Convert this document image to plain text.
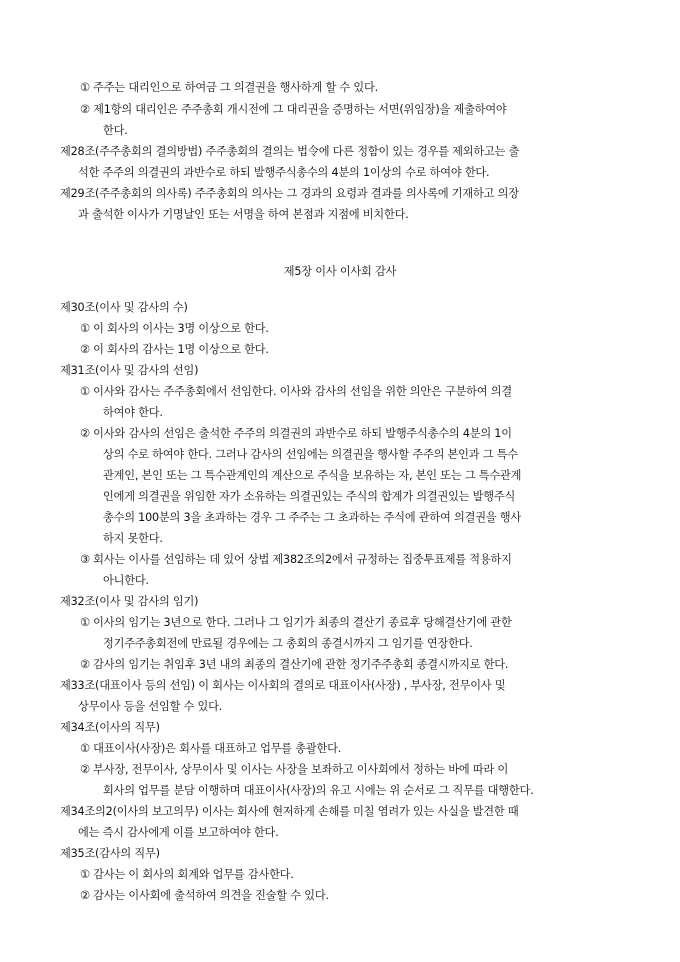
① 주주는 대리인으로 하여금 그 의결권을 행사하게 할 수 있다.
② 제1항의 대리인은 주주총회 개시전에 그 대리권을 증명하는 서면(위임장)을 제출하여야
한다.
제28조(주주총회의 결의방법) 주주총회의 결의는 법令에 다른 정함이 있는 경우를 제외하고는 출
석한 주주의 의결권의 과반수로 하되 발행주식총수의 4분의 1이상의 수로 하여야 한다.
제29조(주주총회의 의사록) 주주총회의 의사는 그 경과의 요령과 결과를 의사록에 기재하고 의장
과 출석한 이사가 기명날인 또는 서명을 하여 본점과 지점에 비치한다.
제5장 이사 이사회 감사
제30조(이사 및 감사의 수)
① 이 회사의 이사는 3명 이상으로 한다.
② 이 회사의 감사는 1명 이상으로 한다.
제31조(이사 및 감사의 선임)
① 이사와 감사는 주주총회에서 선임한다. 이사와 감사의 선임을 위한 의안은 구분하여 의결
하여야 한다.
② 이사와 감사의 선임은 출석한 주주의 의결권의 과반수로 하되 발행주식총수의 4분의 1이
상의 수로 하여야 한다. 그러나 감사의 선임에는 의결권을 행사할 주주의 본인과 그 특수
관계인, 본인 또는 그 특수관계인의 계산으로 주식을 보유하는 자, 본인 또는 그 특수관계
인에게 의결권을 위임한 자가 소유하는 의결권있는 주식의 합계가 의결권있는 발행주식
총수의 100분의 3을 초과하는 경우 그 주주는 그 초과하는 주식에 관하여 의결권을 행사
하지 못한다.
③ 회사는 이사를 선임하는 데 있어 상법 제382조의2에서 규정하는 집중투표제를 적용하지
아니한다.
제32조(이사 및 감사의 임기)
① 이사의 임기는 3년으로 한다. 그러나 그 임기가 최종의 결산기 종료후 당해결산기에 관한
정기주주총회전에 만료될 경우에는 그 총회의 종결시까지 그 임기를 연장한다.
② 감사의 임기는 취임후 3년 내의 최종의 결산기에 관한 정기주주총회 종결시까지로 한다.
제33조(대표이사 등의 선임) 이 회사는 이사회의 결의로 대표이사(사장) , 부사장, 전무이사 및
상무이사 등을 선임할 수 있다.
제34조(이사의 직무)
① 대표이사(사장)은 회사를 대표하고 업무를 총괄한다.
② 부사장, 전무이사, 상무이사 및 이사는 사장을 보좌하고 이사회에서 정하는 바에 따라 이
회사의 업무를 분담 이행하며 대표이사(사장)의 유고 시에는 위 순서로 그 직무를 대행한다.
제34조의2(이사의 보고의무) 이사는 회사에 현저하게 손해를 미칠 염려가 있는 사실을 발견한 때
에는 즉시 감사에게 이를 보고하여야 한다.
제35조(감사의 직무)
① 감사는 이 회사의 회계와 업무를 감사한다.
② 감사는 이사회에 출석하여 의견을 진술할 수 있다.
